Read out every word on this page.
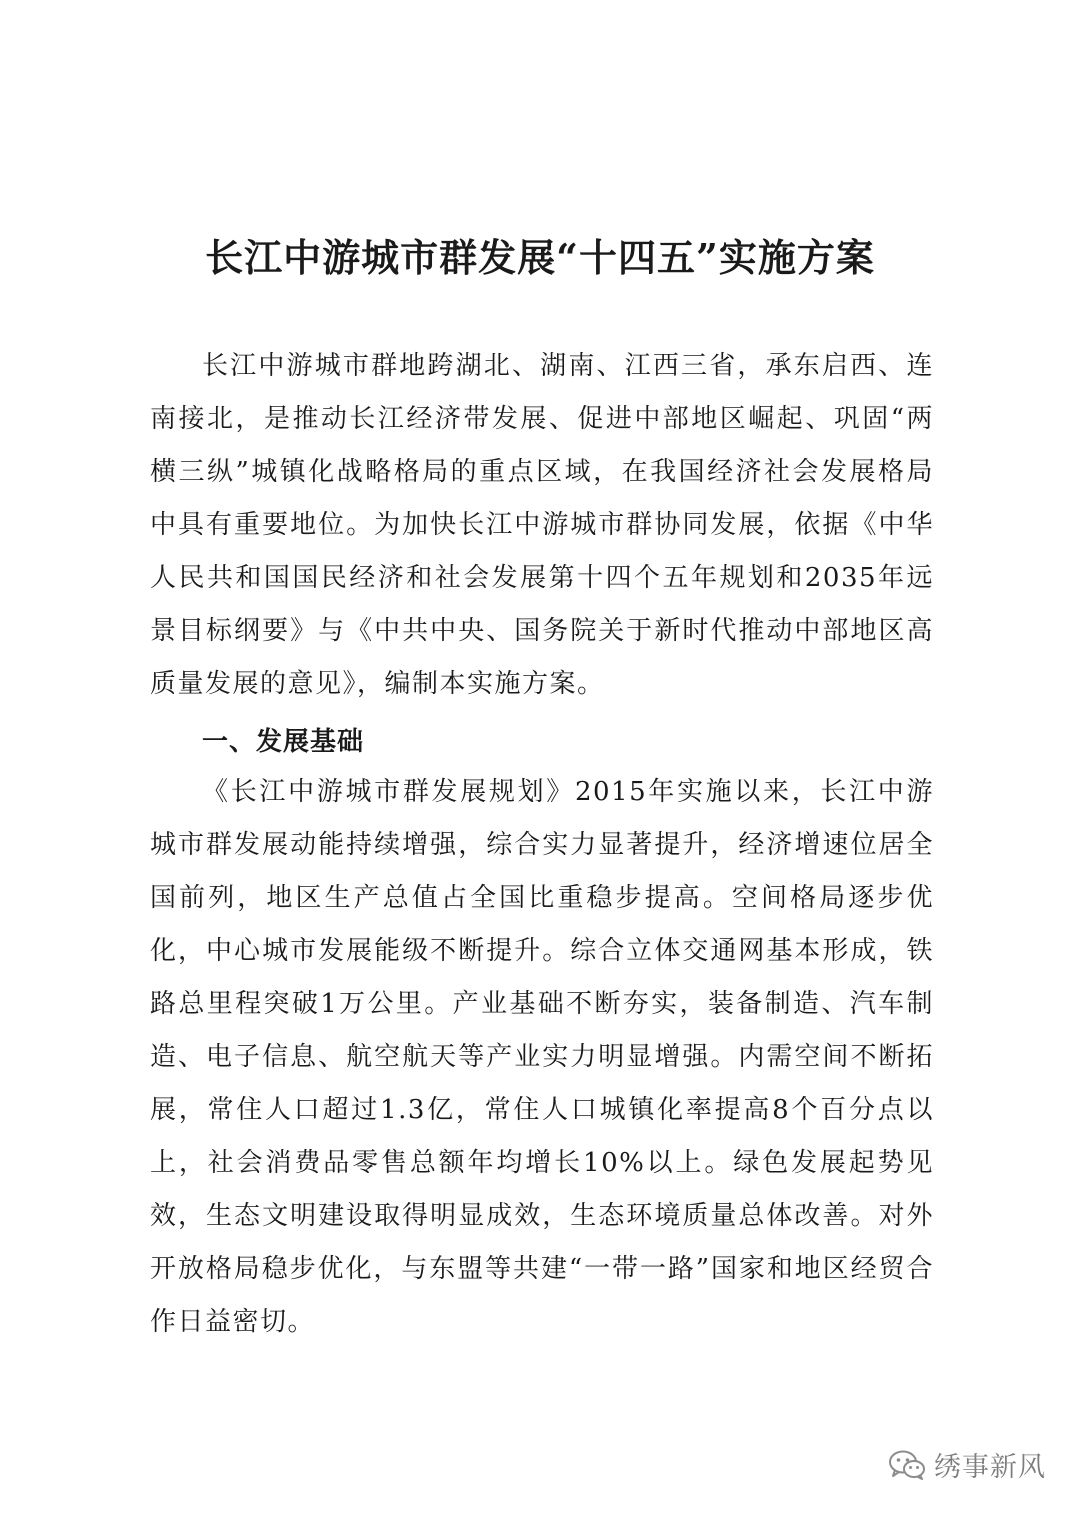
长江中游城市群发展“十四五”实施方案

长江中游城市群地跨湖北、湖南、江西三省，承东启西、连南接北，是推动长江经济带发展、促进中部地区崛起、巩固“两横三纵”城镇化战略格局的重点区域，在我国经济社会发展格局中具有重要地位。为加快长江中游城市群协同发展，依据《中华人民共和国国民经济和社会发展第十四个五年规划和2035年远景目标纲要》与《中共中央、国务院关于新时代推动中部地区高质量发展的意见》，编制本实施方案。

一、发展基础

《长江中游城市群发展规划》2015年实施以来，长江中游城市群发展动能持续增强，综合实力显著提升，经济增速位居全国前列，地区生产总值占全国比重稳步提高。空间格局逐步优化，中心城市发展能级不断提升。综合立体交通网基本形成，铁路总里程突破1万公里。产业基础不断夯实，装备制造、汽车制造、电子信息、航空航天等产业实力明显增强。内需空间不断拓展，常住人口超过1.3亿，常住人口城镇化率提高8个百分点以上，社会消费品零售总额年均增长10%以上。绿色发展起势见效，生态文明建设取得明显成效，生态环境质量总体改善。对外开放格局稳步优化，与东盟等共建“一带一路”国家和地区经贸合作日益密切。

绣事新风
